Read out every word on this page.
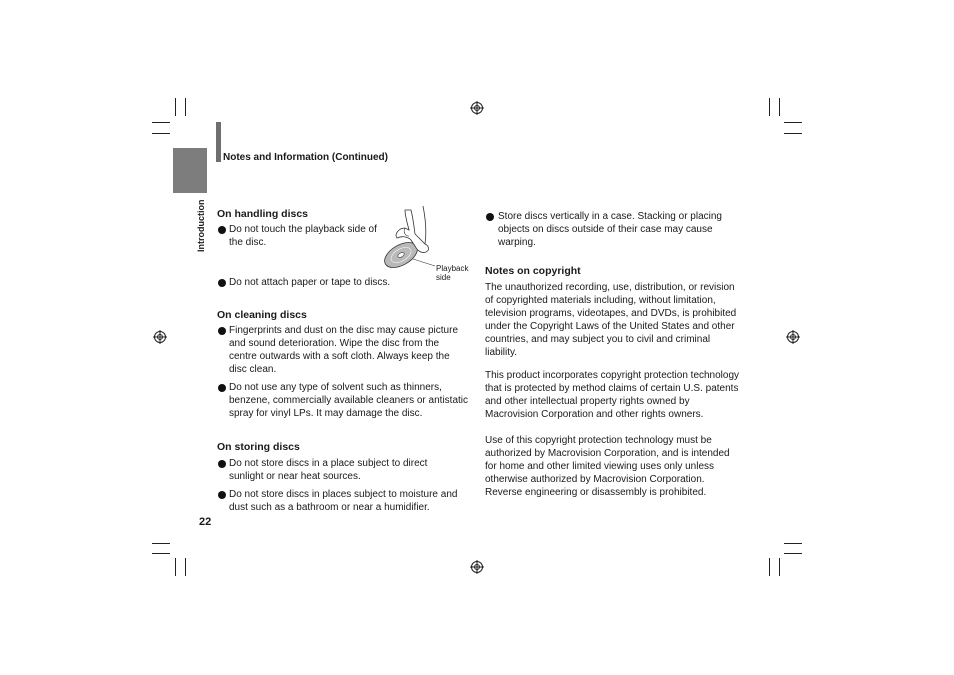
Introduction
Notes and Information (Continued)
On handling discs
Do not touch the playback side of the disc.
Do not attach paper or tape to discs.
Playback
side
On cleaning discs
Fingerprints and dust on the disc may cause picture and sound deterioration. Wipe the disc from the centre outwards with a soft cloth. Always keep the disc clean.
Do not use any type of solvent such as thinners, benzene, commercially available cleaners or antistatic spray for vinyl LPs. It may damage the disc.
On storing discs
Do not store discs in a place subject to direct sunlight or near heat sources.
Do not store discs in places subject to moisture and dust such as a bathroom or near a humidifier.
Store discs vertically in a case. Stacking or placing objects on discs outside of their case may cause warping.
Notes on copyright
The unauthorized recording, use, distribution, or revision of copyrighted materials including, without limitation, television programs, videotapes, and DVDs, is prohibited under the Copyright Laws of the United States and other countries, and may subject you to civil and criminal liability.
This product incorporates copyright protection technology that is protected by method claims of certain U.S. patents and other intellectual property rights owned by Macrovision Corporation and other rights owners.
Use of this copyright protection technology must be authorized by Macrovision Corporation, and is intended for home and other limited viewing uses only unless otherwise authorized by Macrovision Corporation. Reverse engineering or disassembly is prohibited.
22
